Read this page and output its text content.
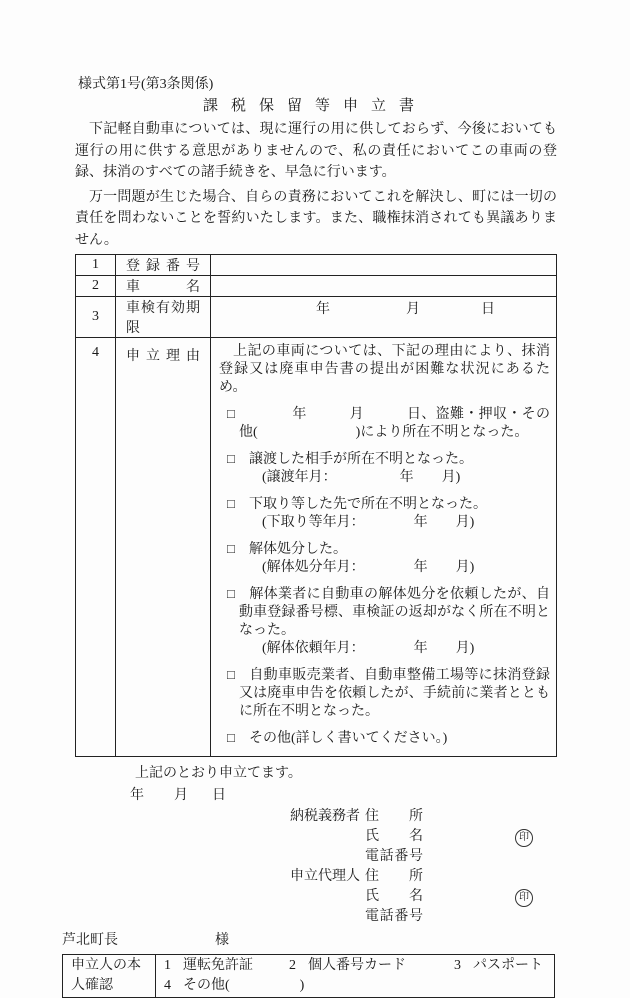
様式第1号(第3条関係)
課税保留等申立書
下記軽自動車については、現に運行の用に供しておらず、今後においても運行の用に供する意思がありませんので、私の責任においてこの車両の登録、抹消のすべての諸手続きを、早急に行います。
万一問題が生じた場合、自らの責務においてこれを解決し、町には一切の責任を問わないことを誓約いたします。また、職権抹消されても異議ありません。
1	登録番号	

2	車名	

3	車検有効期限	年 月 日

4	申立理由	上記の車両については、下記の理由により、抹消登録又は廃車申告書の提出が困難な状況にあるため。
□　　　年　　　月　　　日、盗難・押収・その他(　　　　　　　)により所在不明となった。
□ 譲渡した相手が所在不明となった。
(譲渡年月：　　　　　年　　月)
□ 下取り等した先で所在不明となった。
(下取り等年月：　　　　年　　月)
□ 解体処分した。
(解体処分年月：　　　　年　　月)
□ 解体業者に自動車の解体処分を依頼したが、自動車登録番号標、車検証の返却がなく所在不明となった。
(解体依頼年月：　　　　年　　月)
□ 自動車販売業者、自動車整備工場等に抹消登録又は廃車申告を依頼したが、手続前に業者とともに所在不明となった。
□ その他(詳しく書いてください。)
上記のとおり申立てます。
年 月 日
納税義務者 住所
氏名	印
電話番号
申立代理人 住所
氏名	印
電話番号
芦北町長	様
申立人の本人確認	
1 運転免許証	2 個人番号カード	3 パスポート
4 その他(　　　　　)
